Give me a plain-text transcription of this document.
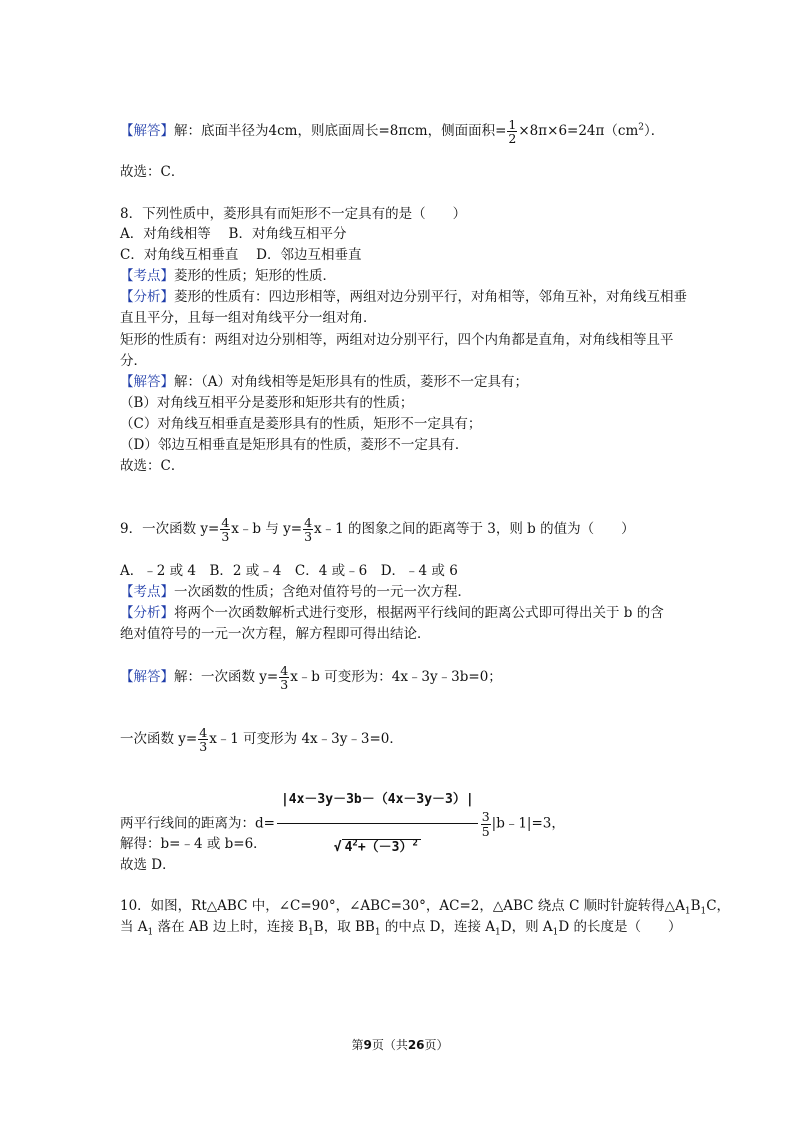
【解答】解：底面半径为4cm，则底面周长=8πcm，侧面面积= $\frac{1}{2} \times 8\pi\times 6=24\pi(cm^2)$．
故选：C．
8．下列性质中，菱形具有而矩形不一定具有的是（　　）
A．对角线相等　 B．对角线互相平分
C．对角线互相垂直　 D．邻边互相垂直
【考点】菱形的性质；矩形的性质．
【分析】菱形的性质有：四边形相等，两组对边分别平行，对角相等，邻角互补，对角线互相垂
直且平分，且每一组对角线平分一组对角．
矩形的性质有：两组对边分别相等，两组对边分别平行，四个内角都是直角，对角线相等且平
分．
【解答】解：（A）对角线相等是矩形具有的性质，菱形不一定具有；
（B）对角线互相平分是菱形和矩形共有的性质；
（C）对角线互相垂直是菱形具有的性质，矩形不一定具有；
（D）邻边互相垂直是矩形具有的性质，菱形不一定具有．
故选：C．
9．一次函数 $y= \frac{4}{3}$ x﹣b 与 $y= \frac{4}{3}$ x﹣1 的图象之间的距离等于 3，则 b 的值为（　　）
A．﹣2 或 4　B．2 或﹣4　C．4 或﹣6　D．﹣4 或 6
【考点】一次函数的性质；含绝对值符号的一元一次方程．
【分析】将两个一次函数解析式进行变形，根据两平行线间的距离公式即可得出关于 b 的含
绝对值符号的一元一次方程，解方程即可得出结论．
【解答】解：一次函数 $y= \frac{4}{3}$ x﹣b 可变形为：4x﹣3y﹣3b=0；
一次函数 $y= \frac{4}{3}$ x﹣1 可变形为 4x﹣3y﹣3=0．
两平行线间的距离为：$d= \frac{|4x-3y-3b-(4x-3y-3)|}{√ 4^2+(-3)^2} \frac{3}{5}$ |b﹣1|=3，
解得：b=﹣4 或 b=6．
故选 D．
10．如图，Rt△ABC 中，∠C=90°，∠ABC=30°，AC=2，△ABC 绕点 C 顺时针旋转得$\triangle A_1B_1C$，
当 $A_1$ 落在 AB 边上时，连接 $B_1B$，取 $BB_1$ 的中点 D，连接 $A_1D$，则 $A_1D$ 的长度是（　　）
第9页（共26页）
